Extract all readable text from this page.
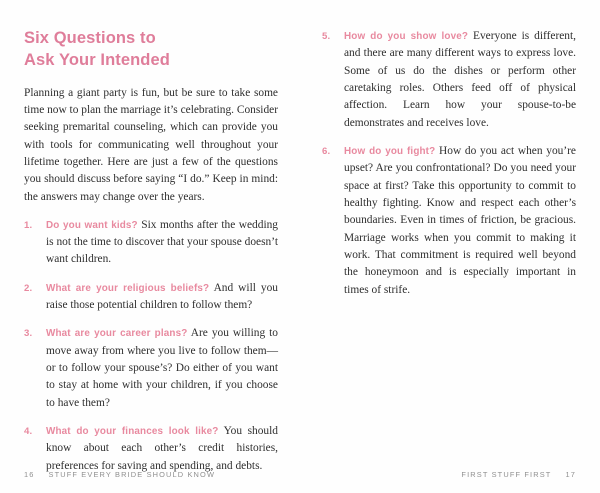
Six Questions to
Ask Your Intended

Planning a giant party is fun, but be sure to take some time now to plan the marriage it’s celebrating. Consider seeking premarital counseling, which can provide you with tools for communicating well throughout your lifetime together. Here are just a few of the questions you should discuss before saying “I do.” Keep in mind: the answers may change over the years.

1.	Do you want kids? Six months after the wedding is not the time to discover that your spouse doesn’t want children.
2.	What are your religious beliefs? And will you raise those potential children to follow them?
3.	What are your career plans? Are you willing to move away from where you live to follow them—or to follow your spouse’s? Do either of you want to stay at home with your children, if you choose to have them?
4.	What do your finances look like? You should know about each other’s credit histories, preferences for saving and spending, and debts.
16 STUFF EVERY BRIDE SHOULD KNOW
5.	How do you show love? Everyone is different, and there are many different ways to express love. Some of us do the dishes or perform other caretaking roles. Others feed off of physical affection. Learn how your spouse-to-be demonstrates and receives love.
6.	How do you fight? How do you act when you’re upset? Are you confrontational? Do you need your space at first? Take this opportunity to commit to healthy fighting. Know and respect each other’s boundaries. Even in times of friction, be gracious. Marriage works when you commit to making it work. That commitment is required well beyond the honeymoon and is especially important in times of strife.
FIRST STUFF FIRST 17
